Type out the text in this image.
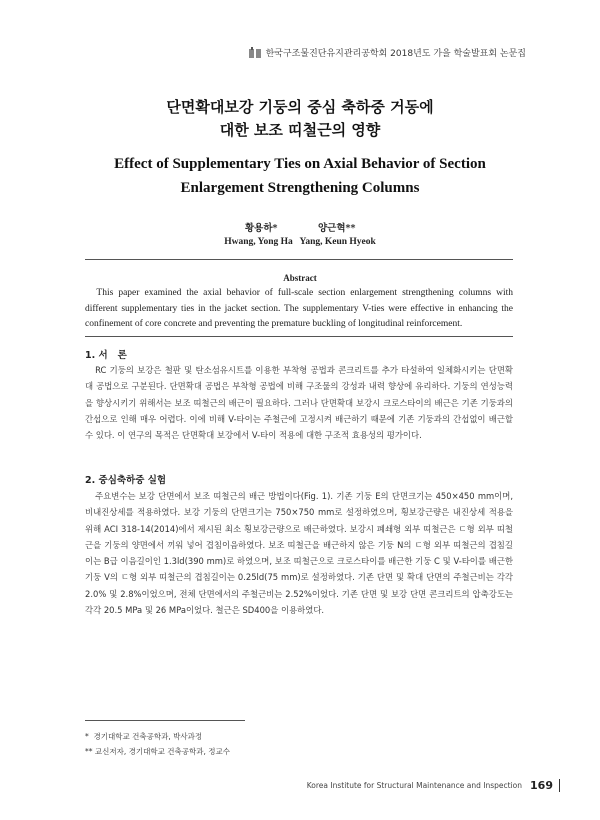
한국구조물진단유지관리공학회 2018년도 가을 학술발표회 논문집
단면확대보강 기둥의 중심 축하중 거동에
대한 보조 띠철근의 영향
Effect of Supplementary Ties on Axial Behavior of Section
Enlargement Strengthening Columns
황용하*	양근혁**
Hwang, Yong Ha   Yang, Keun Hyeok
Abstract
This paper examined the axial behavior of full-scale section enlargement strengthening columns with different supplementary ties in the jacket section. The supplementary V-ties were effective in enhancing the confinement of core concrete and preventing the premature buckling of longitudinal reinforcement.
1. 서   론
RC 기둥의 보강은 철판 및 탄소섬유시트를 이용한 부착형 공법과 콘크리트를 추가 타설하여 일체화시키는 단면확대 공법으로 구분된다. 단면확대 공법은 부착형 공법에 비해 구조물의 강성과 내력 향상에 유리하다. 기둥의 연성능력을 향상시키기 위해서는 보조 띠철근의 배근이 필요하다. 그러나 단면확대 보강시 크로스타이의 배근은 기존 기둥과의 간섭으로 인해 매우 어렵다. 이에 비해 V-타이는 주철근에 고정시켜 배근하기 때문에 기존 기둥과의 간섭없이 배근할 수 있다. 이 연구의 목적은 단면확대 보강에서 V-타이 적용에 대한 구조적 효용성의 평가이다.
2. 중심축하중 실험
주요변수는 보강 단면에서 보조 띠철근의 배근 방법이다(Fig. 1). 기존 기둥 E의 단면크기는 450×450 mm이며, 비내진상세를 적용하였다. 보강 기둥의 단면크기는 750×750 mm로 설정하였으며, 횡보강근량은 내진상세 적용을 위해 ACI 318-14(2014)에서 제시된 최소 횡보강근량으로 배근하였다. 보강시 폐쇄형 외부 띠철근은 ㄷ형 외부 띠철근을 기둥의 양면에서 끼워 넣어 겹침이음하였다. 보조 띠철근을 배근하지 않은 기둥 N의 ㄷ형 외부 띠철근의 겹침길이는 B급 이음길이인 1.3ld(390 mm)로 하였으며, 보조 띠철근으로 크로스타이를 배근한 기둥 C 및 V-타이를 배근한 기둥 V의 ㄷ형 외부 띠철근의 겹침길이는 0.25ld(75 mm)로 설정하였다. 기존 단면 및 확대 단면의 주철근비는 각각 2.0% 및 2.8%이었으며, 전체 단면에서의 주철근비는 2.52%이었다. 기존 단면 및 보강 단면 콘크리트의 압축강도는 각각 20.5 MPa 및 26 MPa이었다. 철근은 SD400을 이용하였다.
*  경기대학교 건축공학과, 박사과정
** 교신저자, 경기대학교 건축공학과, 정교수
Korea Institute for Structural Maintenance and Inspection 169
